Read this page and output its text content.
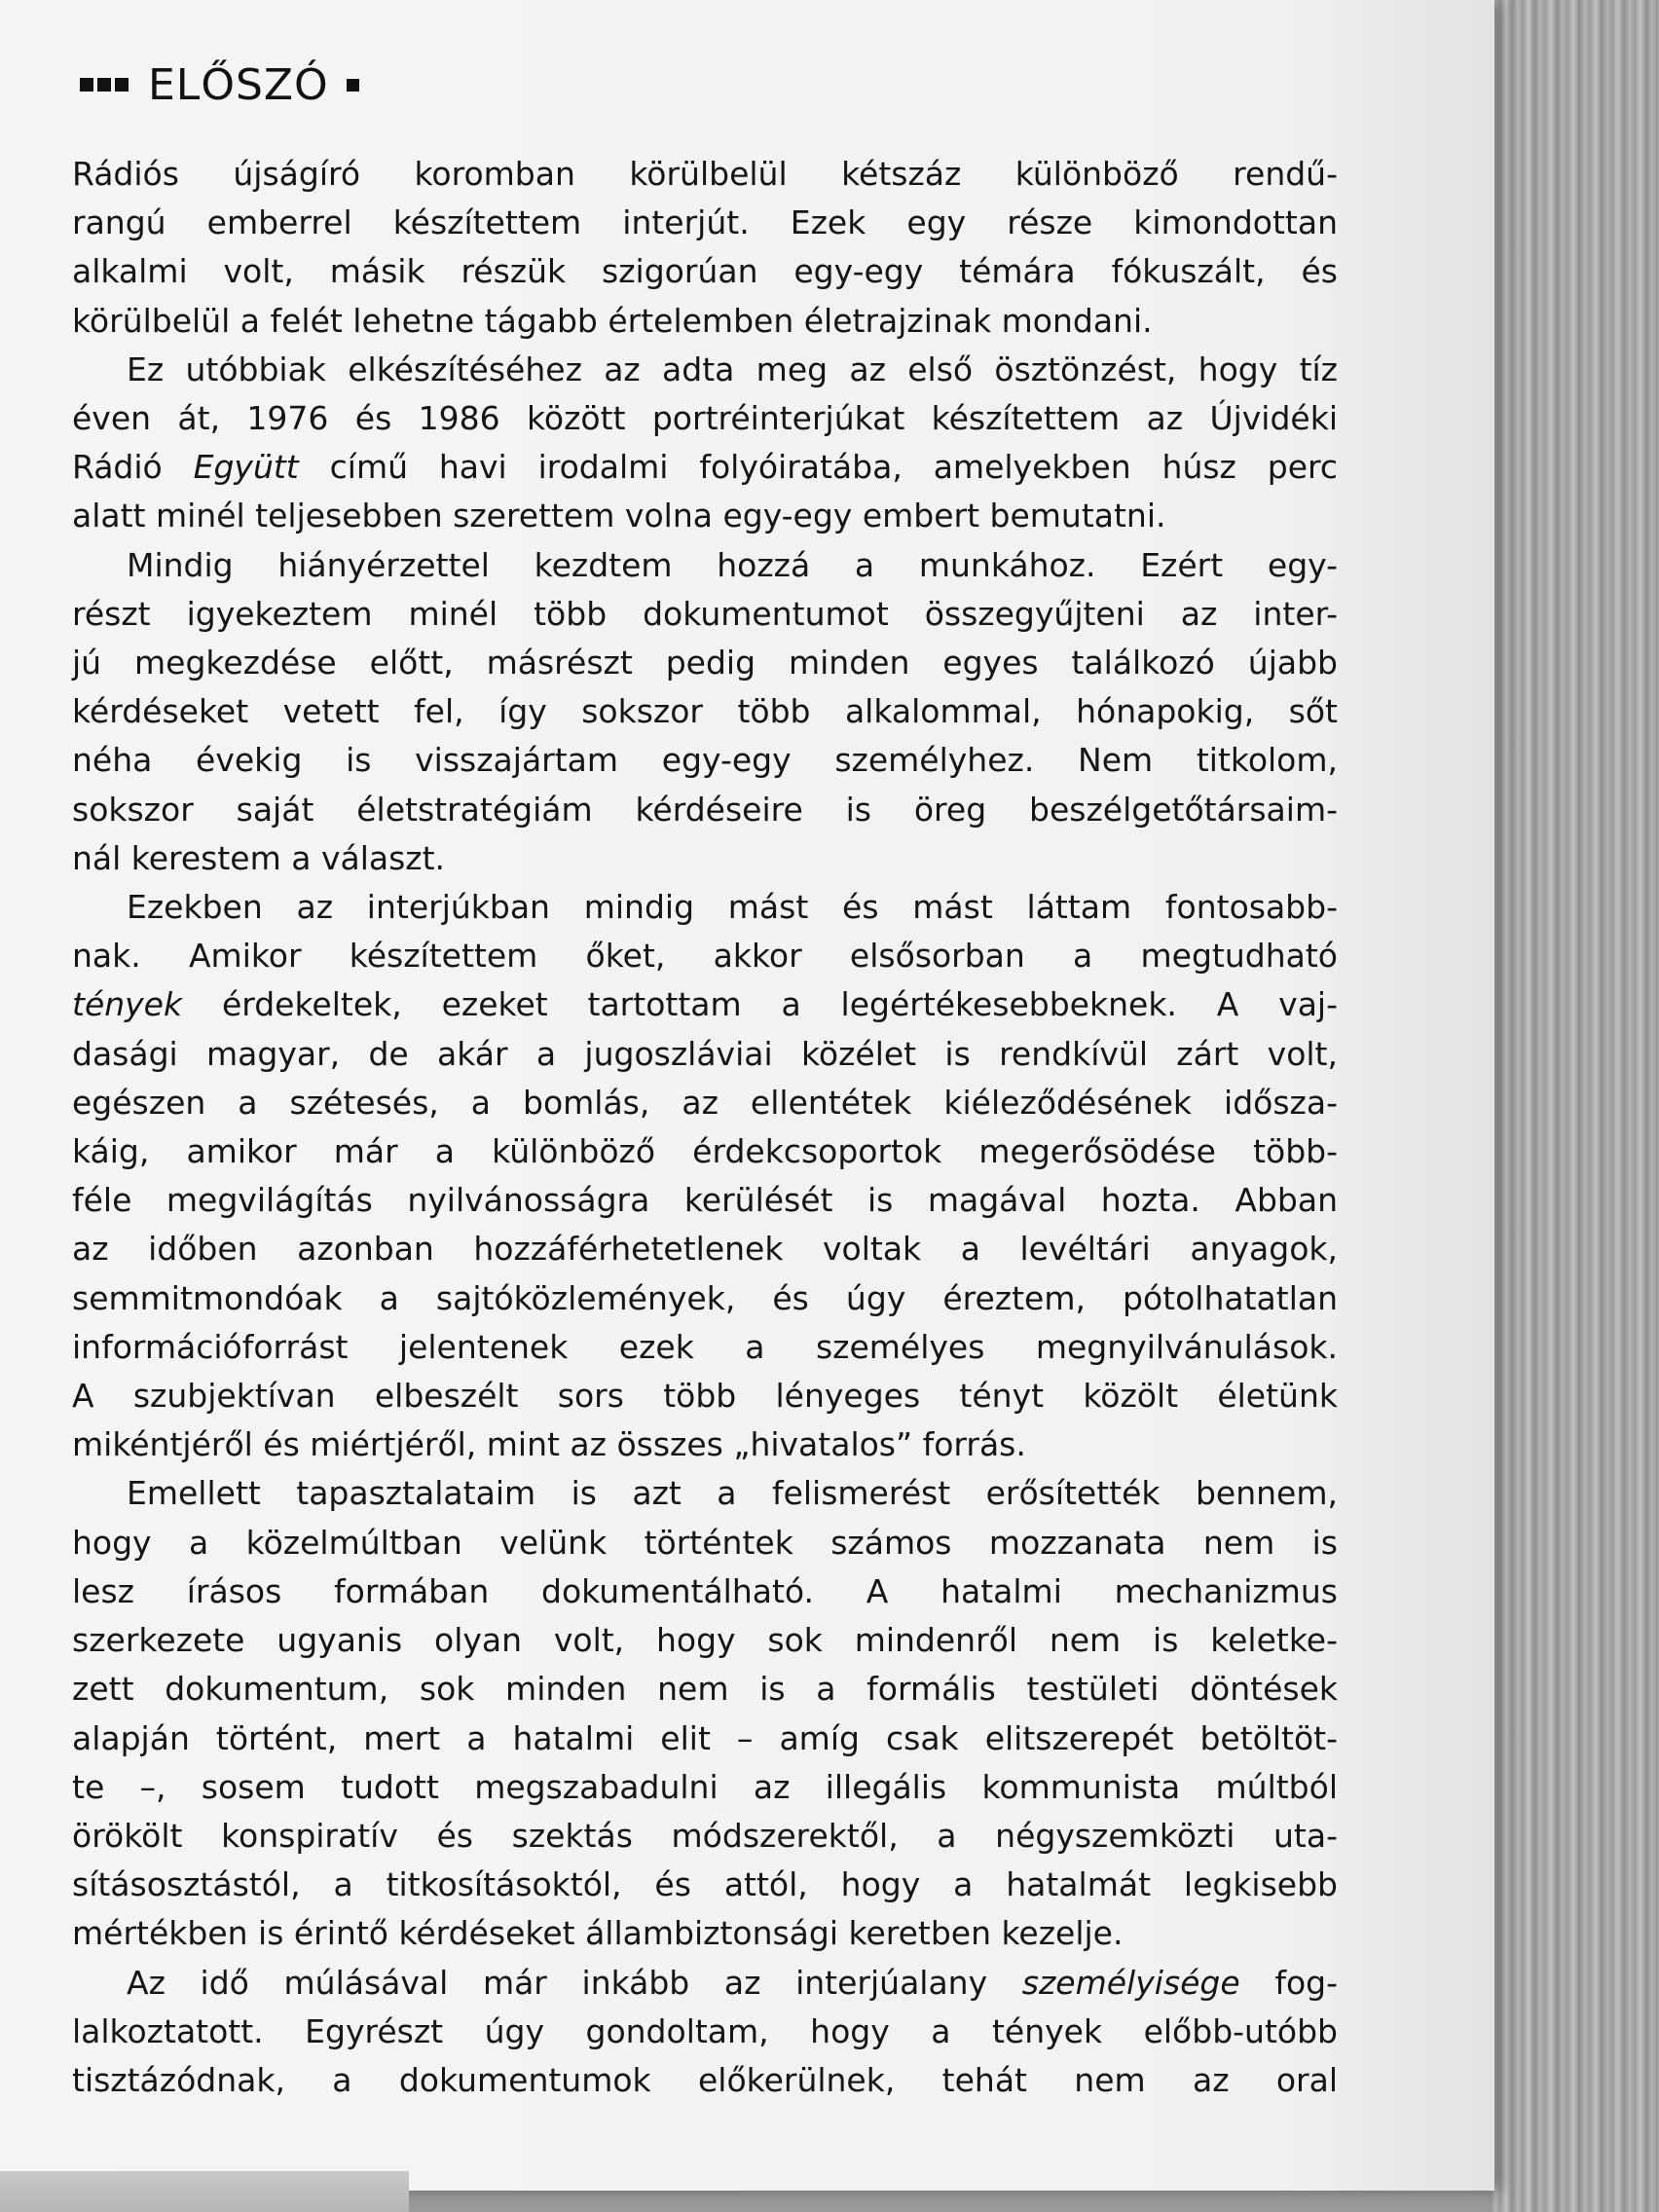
ELŐSZÓ
Rádiós újságíró koromban körülbelül kétszáz különböző rendű-
rangú emberrel készítettem interjút. Ezek egy része kimondottan
alkalmi volt, másik részük szigorúan egy-egy témára fókuszált, és
körülbelül a felét lehetne tágabb értelemben életrajzinak mondani.
Ez utóbbiak elkészítéséhez az adta meg az első ösztönzést, hogy tíz
éven át, 1976 és 1986 között portréinterjúkat készítettem az Újvidéki
Rádió Együtt című havi irodalmi folyóiratába, amelyekben húsz perc
alatt minél teljesebben szerettem volna egy-egy embert bemutatni.
Mindig hiányérzettel kezdtem hozzá a munkához. Ezért egy-
részt igyekeztem minél több dokumentumot összegyűjteni az inter-
jú megkezdése előtt, másrészt pedig minden egyes találkozó újabb
kérdéseket vetett fel, így sokszor több alkalommal, hónapokig, sőt
néha évekig is visszajártam egy-egy személyhez. Nem titkolom,
sokszor saját életstratégiám kérdéseire is öreg beszélgetőtársaim-
nál kerestem a választ.
Ezekben az interjúkban mindig mást és mást láttam fontosabb-
nak. Amikor készítettem őket, akkor elsősorban a megtudható
tények érdekeltek, ezeket tartottam a legértékesebbeknek. A vaj-
dasági magyar, de akár a jugoszláviai közélet is rendkívül zárt volt,
egészen a szétesés, a bomlás, az ellentétek kiéleződésének idősza-
káig, amikor már a különböző érdekcsoportok megerősödése több-
féle megvilágítás nyilvánosságra kerülését is magával hozta. Abban
az időben azonban hozzáférhetetlenek voltak a levéltári anyagok,
semmitmondóak a sajtóközlemények, és úgy éreztem, pótolhatatlan
információforrást jelentenek ezek a személyes megnyilvánulások.
A szubjektívan elbeszélt sors több lényeges tényt közölt életünk
mikéntjéről és miértjéről, mint az összes „hivatalos” forrás.
Emellett tapasztalataim is azt a felismerést erősítették bennem,
hogy a közelmúltban velünk történtek számos mozzanata nem is
lesz írásos formában dokumentálható. A hatalmi mechanizmus
szerkezete ugyanis olyan volt, hogy sok mindenről nem is keletke-
zett dokumentum, sok minden nem is a formális testületi döntések
alapján történt, mert a hatalmi elit – amíg csak elitszerepét betöltöt-
te –, sosem tudott megszabadulni az illegális kommunista múltból
örökölt konspiratív és szektás módszerektől, a négyszemközti uta-
sításosztástól, a titkosításoktól, és attól, hogy a hatalmát legkisebb
mértékben is érintő kérdéseket állambiztonsági keretben kezelje.
Az idő múlásával már inkább az interjúalany személyisége fog-
lalkoztatott. Egyrészt úgy gondoltam, hogy a tények előbb-utóbb
tisztázódnak, a dokumentumok előkerülnek, tehát nem az oral
